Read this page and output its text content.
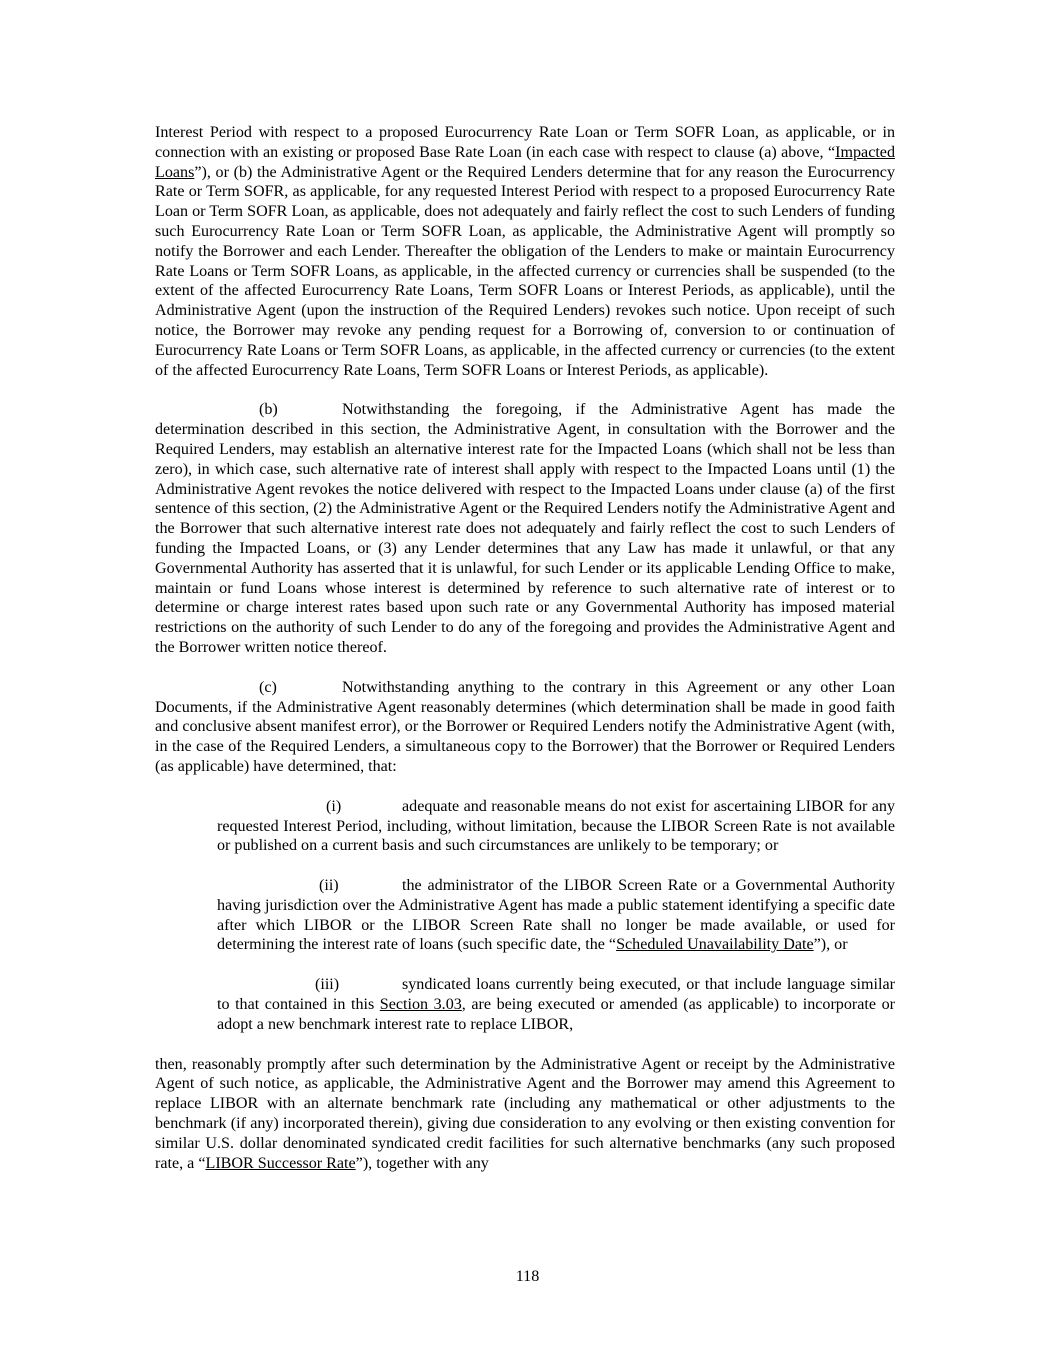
Interest Period with respect to a proposed Eurocurrency Rate Loan or Term SOFR Loan, as applicable, or in connection with an existing or proposed Base Rate Loan (in each case with respect to clause (a) above, “Impacted Loans”), or (b) the Administrative Agent or the Required Lenders determine that for any reason the Eurocurrency Rate or Term SOFR, as applicable, for any requested Interest Period with respect to a proposed Eurocurrency Rate Loan or Term SOFR Loan, as applicable, does not adequately and fairly reflect the cost to such Lenders of funding such Eurocurrency Rate Loan or Term SOFR Loan, as applicable, the Administrative Agent will promptly so notify the Borrower and each Lender. Thereafter the obligation of the Lenders to make or maintain Eurocurrency Rate Loans or Term SOFR Loans, as applicable, in the affected currency or currencies shall be suspended (to the extent of the affected Eurocurrency Rate Loans, Term SOFR Loans or Interest Periods, as applicable), until the Administrative Agent (upon the instruction of the Required Lenders) revokes such notice. Upon receipt of such notice, the Borrower may revoke any pending request for a Borrowing of, conversion to or continuation of Eurocurrency Rate Loans or Term SOFR Loans, as applicable, in the affected currency or currencies (to the extent of the affected Eurocurrency Rate Loans, Term SOFR Loans or Interest Periods, as applicable).

(b)	Notwithstanding the foregoing, if the Administrative Agent has made the determination described in this section, the Administrative Agent, in consultation with the Borrower and the Required Lenders, may establish an alternative interest rate for the Impacted Loans (which shall not be less than zero), in which case, such alternative rate of interest shall apply with respect to the Impacted Loans until (1) the Administrative Agent revokes the notice delivered with respect to the Impacted Loans under clause (a) of the first sentence of this section, (2) the Administrative Agent or the Required Lenders notify the Administrative Agent and the Borrower that such alternative interest rate does not adequately and fairly reflect the cost to such Lenders of funding the Impacted Loans, or (3) any Lender determines that any Law has made it unlawful, or that any Governmental Authority has asserted that it is unlawful, for such Lender or its applicable Lending Office to make, maintain or fund Loans whose interest is determined by reference to such alternative rate of interest or to determine or charge interest rates based upon such rate or any Governmental Authority has imposed material restrictions on the authority of such Lender to do any of the foregoing and provides the Administrative Agent and the Borrower written notice thereof.

(c)	Notwithstanding anything to the contrary in this Agreement or any other Loan Documents, if the Administrative Agent reasonably determines (which determination shall be made in good faith and conclusive absent manifest error), or the Borrower or Required Lenders notify the Administrative Agent (with, in the case of the Required Lenders, a simultaneous copy to the Borrower) that the Borrower or Required Lenders (as applicable) have determined, that:

(i)	adequate and reasonable means do not exist for ascertaining LIBOR for any requested Interest Period, including, without limitation, because the LIBOR Screen Rate is not available or published on a current basis and such circumstances are unlikely to be temporary; or

(ii)	the administrator of the LIBOR Screen Rate or a Governmental Authority having jurisdiction over the Administrative Agent has made a public statement identifying a specific date after which LIBOR or the LIBOR Screen Rate shall no longer be made available, or used for determining the interest rate of loans (such specific date, the “Scheduled Unavailability Date”), or

(iii)	syndicated loans currently being executed, or that include language similar to that contained in this Section 3.03, are being executed or amended (as applicable) to incorporate or adopt a new benchmark interest rate to replace LIBOR,

then, reasonably promptly after such determination by the Administrative Agent or receipt by the Administrative Agent of such notice, as applicable, the Administrative Agent and the Borrower may amend this Agreement to replace LIBOR with an alternate benchmark rate (including any mathematical or other adjustments to the benchmark (if any) incorporated therein), giving due consideration to any evolving or then existing convention for similar U.S. dollar denominated syndicated credit facilities for such alternative benchmarks (any such proposed rate, a “LIBOR Successor Rate”), together with any

118
